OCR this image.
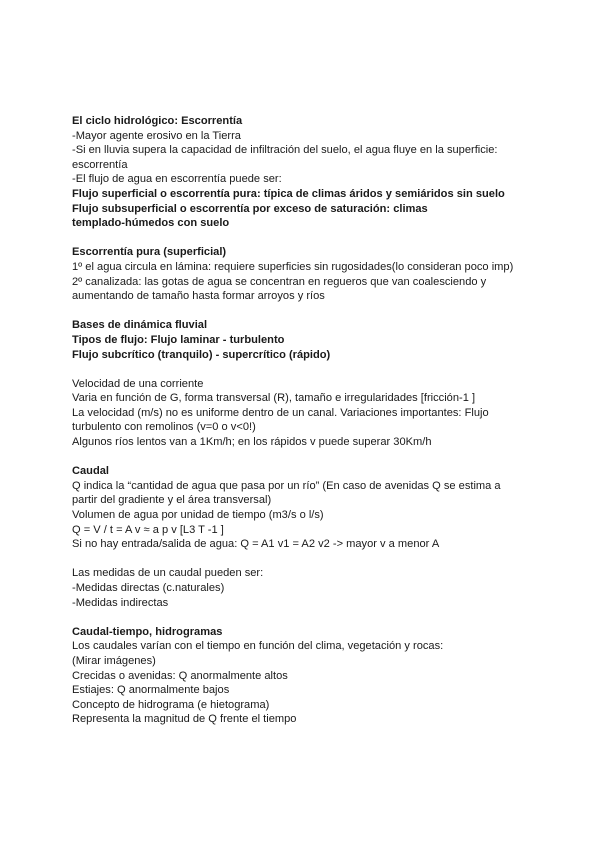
El ciclo hidrológico: Escorrentía
-Mayor agente erosivo en la Tierra
-Si en lluvia supera la capacidad de infiltración del suelo, el agua fluye en la superficie:
escorrentía
-El flujo de agua en escorrentía puede ser:
Flujo superficial o escorrentía pura: típica de climas áridos y semiáridos sin suelo
Flujo subsuperficial o escorrentía por exceso de saturación: climas
templado-húmedos con suelo
Escorrentía pura (superficial)
1º el agua circula en lámina: requiere superficies sin rugosidades(lo consideran poco imp)
2º canalizada: las gotas de agua se concentran en regueros que van coalesciendo y
aumentando de tamaño hasta formar arroyos y ríos
Bases de dinámica fluvial
Tipos de flujo: Flujo laminar - turbulento
Flujo subcrítico (tranquilo) - supercrítico (rápido)
Velocidad de una corriente
Varia en función de G, forma transversal (R), tamaño e irregularidades [fricción-1 ]
La velocidad (m/s) no es uniforme dentro de un canal. Variaciones importantes: Flujo
turbulento con remolinos (v=0 o v<0!)
Algunos ríos lentos van a 1Km/h; en los rápidos v puede superar 30Km/h
Caudal
Q indica la “cantidad de agua que pasa por un río” (En caso de avenidas Q se estima a
partir del gradiente y el área transversal)
Volumen de agua por unidad de tiempo (m3/s o l/s)
Q = V / t = A v ≈ a p v [L3 T -1 ]
Si no hay entrada/salida de agua: Q = A1 v1 = A2 v2 -> mayor v a menor A
Las medidas de un caudal pueden ser:
-Medidas directas (c.naturales)
-Medidas indirectas
Caudal-tiempo, hidrogramas
Los caudales varían con el tiempo en función del clima, vegetación y rocas:
(Mirar imágenes)
Crecidas o avenidas: Q anormalmente altos
Estiajes: Q anormalmente bajos
Concepto de hidrograma (e hietograma)
Representa la magnitud de Q frente el tiempo
